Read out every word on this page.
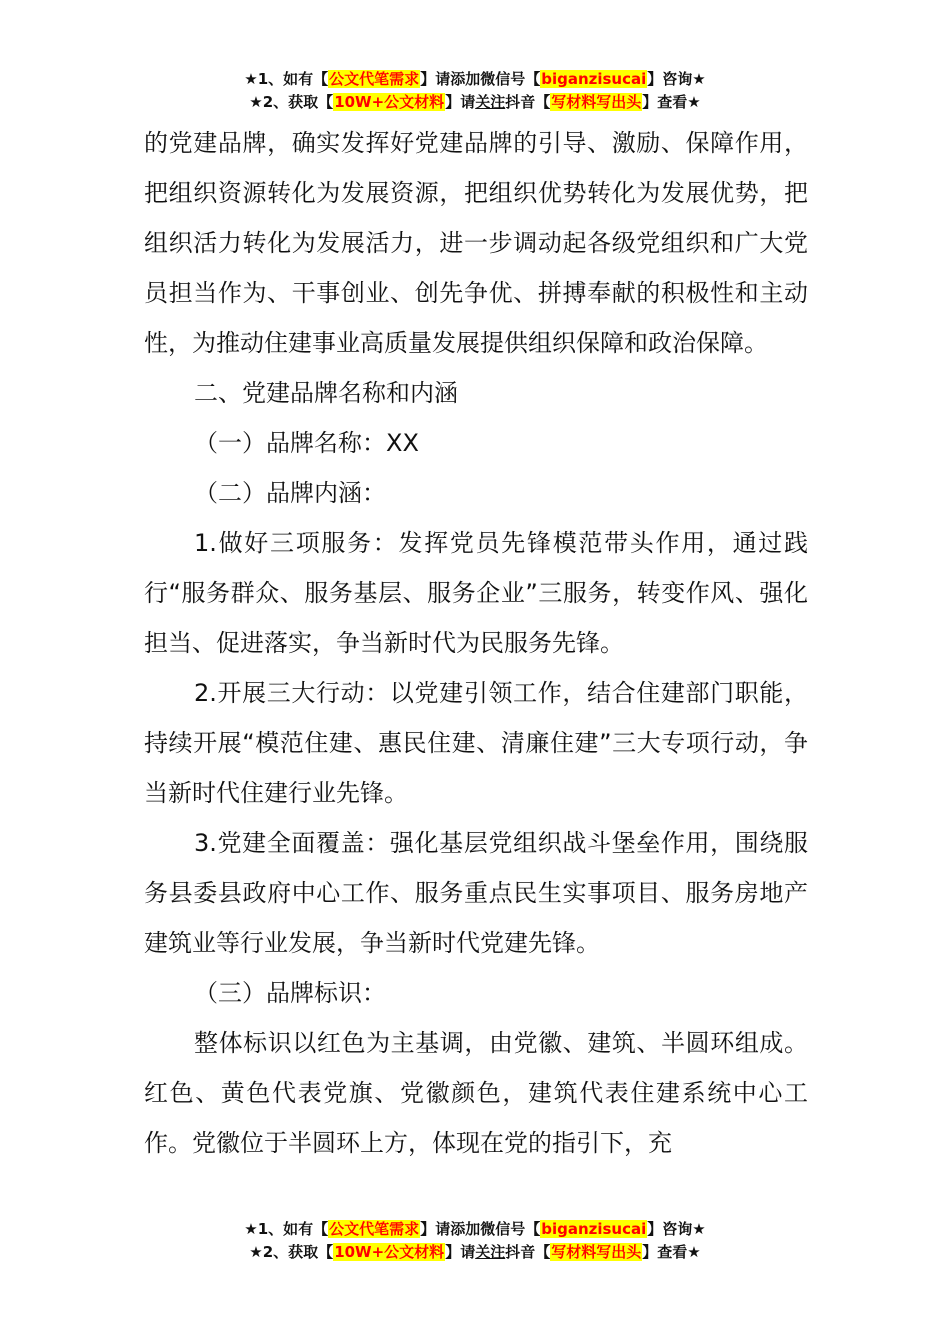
★1、如有【公文代笔需求】请添加微信号【biganzisucai】咨询★
★2、获取【10W+公文材料】请关注抖音【写材料写出头】查看★

的党建品牌，确实发挥好党建品牌的引导、激励、保障作用，把组织资源转化为发展资源，把组织优势转化为发展优势，把组织活力转化为发展活力，进一步调动起各级党组织和广大党员担当作为、干事创业、创先争优、拼搏奉献的积极性和主动性，为推动住建事业高质量发展提供组织保障和政治保障。

二、党建品牌名称和内涵

（一）品牌名称：XX

（二）品牌内涵：

1.做好三项服务：发挥党员先锋模范带头作用，通过践行“服务群众、服务基层、服务企业”三服务，转变作风、强化担当、促进落实，争当新时代为民服务先锋。

2.开展三大行动：以党建引领工作，结合住建部门职能，持续开展“模范住建、惠民住建、清廉住建”三大专项行动，争当新时代住建行业先锋。

3.党建全面覆盖：强化基层党组织战斗堡垒作用，围绕服务县委县政府中心工作、服务重点民生实事项目、服务房地产建筑业等行业发展，争当新时代党建先锋。

（三）品牌标识：

整体标识以红色为主基调，由党徽、建筑、半圆环组成。红色、黄色代表党旗、党徽颜色，建筑代表住建系统中心工作。党徽位于半圆环上方，体现在党的指引下，充

★1、如有【公文代笔需求】请添加微信号【biganzisucai】咨询★
★2、获取【10W+公文材料】请关注抖音【写材料写出头】查看★
